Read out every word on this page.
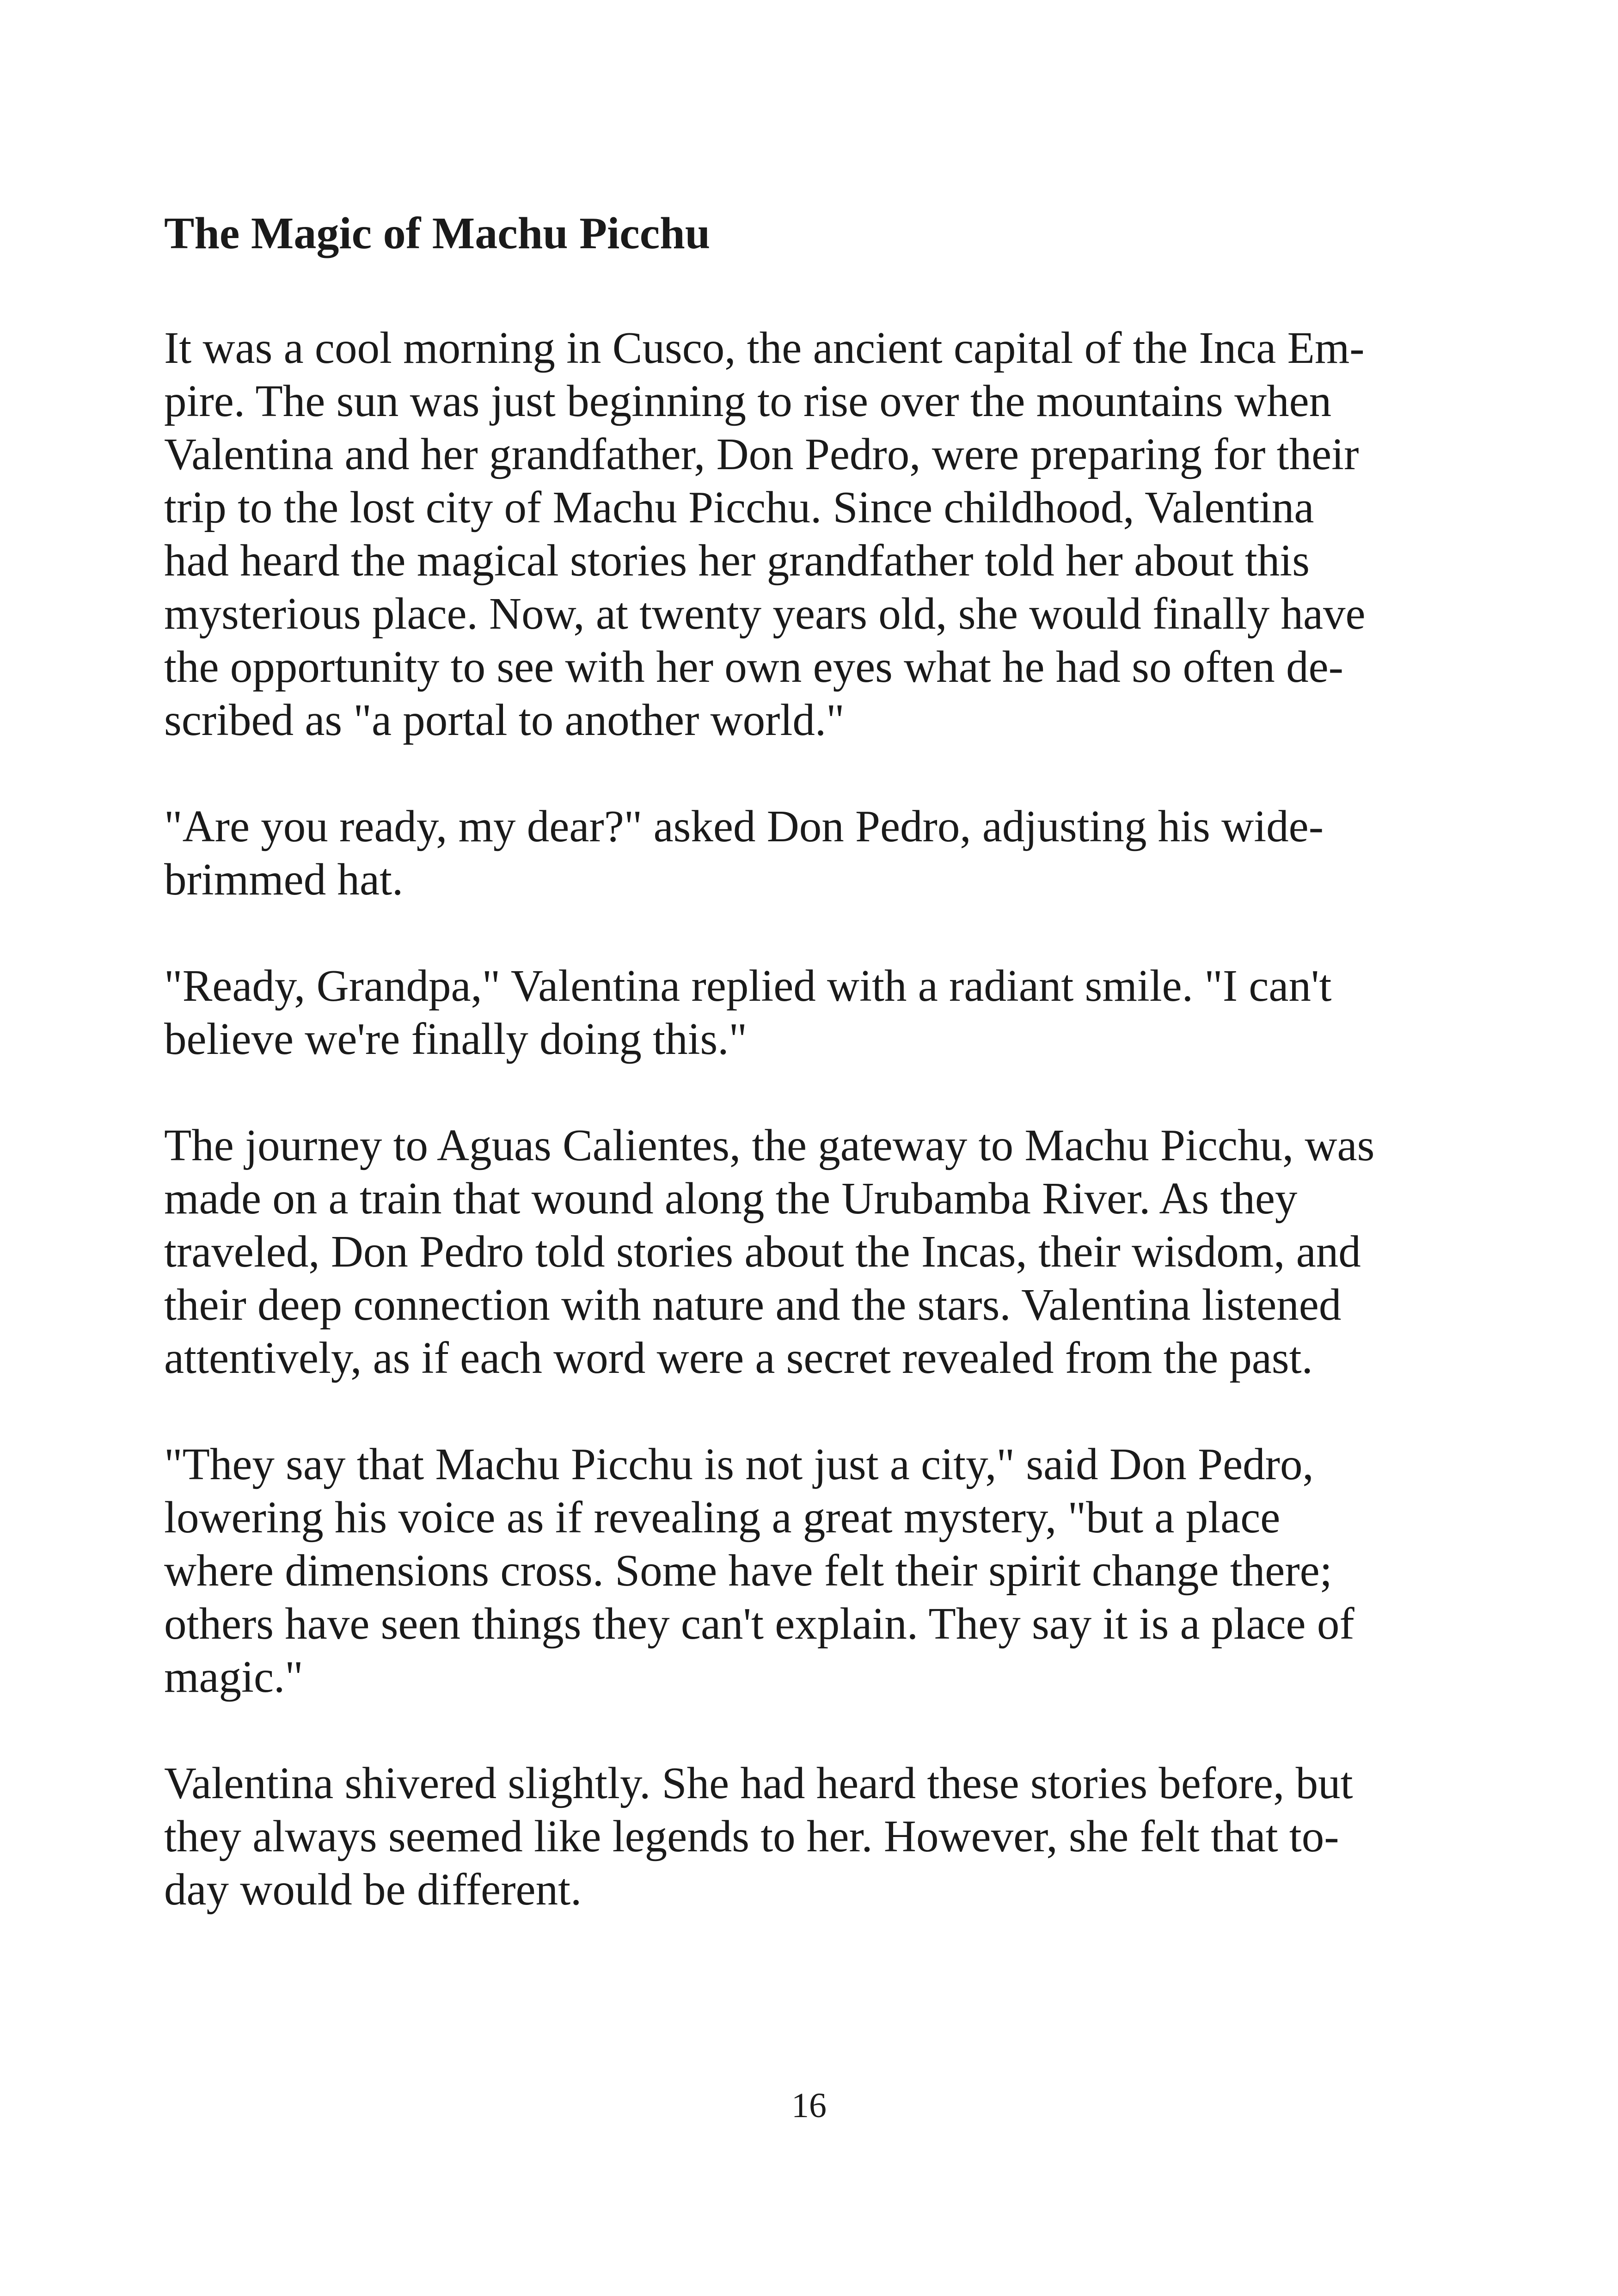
The Magic of Machu Picchu

It was a cool morning in Cusco, the ancient capital of the Inca Em-
pire. The sun was just beginning to rise over the mountains when
Valentina and her grandfather, Don Pedro, were preparing for their
trip to the lost city of Machu Picchu. Since childhood, Valentina
had heard the magical stories her grandfather told her about this
mysterious place. Now, at twenty years old, she would finally have
the opportunity to see with her own eyes what he had so often de-
scribed as "a portal to another world."

"Are you ready, my dear?" asked Don Pedro, adjusting his wide-
brimmed hat.

"Ready, Grandpa," Valentina replied with a radiant smile. "I can't
believe we're finally doing this."

The journey to Aguas Calientes, the gateway to Machu Picchu, was
made on a train that wound along the Urubamba River. As they
traveled, Don Pedro told stories about the Incas, their wisdom, and
their deep connection with nature and the stars. Valentina listened
attentively, as if each word were a secret revealed from the past.

"They say that Machu Picchu is not just a city," said Don Pedro,
lowering his voice as if revealing a great mystery, "but a place
where dimensions cross. Some have felt their spirit change there;
others have seen things they can't explain. They say it is a place of
magic."

Valentina shivered slightly. She had heard these stories before, but
they always seemed like legends to her. However, she felt that to-
day would be different.

16
